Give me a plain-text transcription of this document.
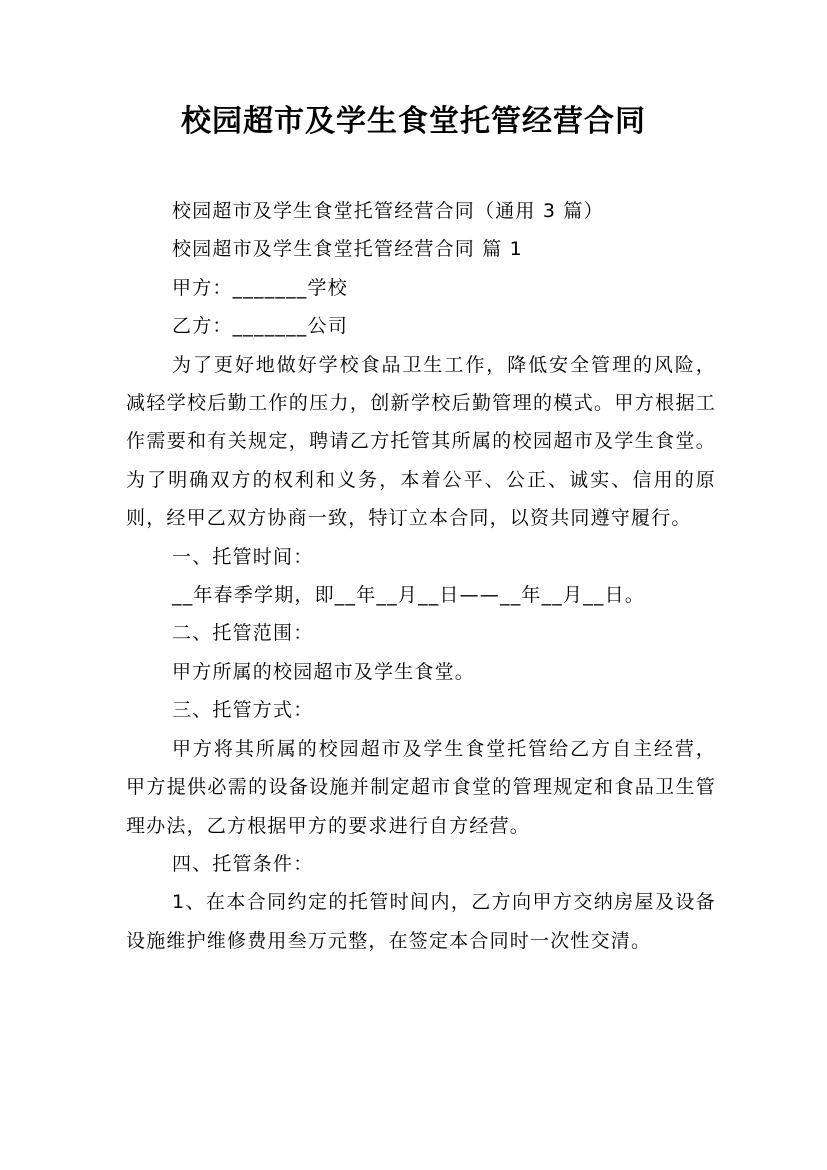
校园超市及学生食堂托管经营合同

校园超市及学生食堂托管经营合同（通用 3 篇）

校园超市及学生食堂托管经营合同 篇 1

甲方：_______学校

乙方：_______公司

为了更好地做好学校食品卫生工作，降低安全管理的风险，减轻学校后勤工作的压力，创新学校后勤管理的模式。甲方根据工作需要和有关规定，聘请乙方托管其所属的校园超市及学生食堂。为了明确双方的权利和义务，本着公平、公正、诚实、信用的原则，经甲乙双方协商一致，特订立本合同，以资共同遵守履行。

一、托管时间：

__年春季学期，即__年__月__日——__年__月__日。

二、托管范围：

甲方所属的校园超市及学生食堂。

三、托管方式：

甲方将其所属的校园超市及学生食堂托管给乙方自主经营，甲方提供必需的设备设施并制定超市食堂的管理规定和食品卫生管理办法，乙方根据甲方的要求进行自方经营。

四、托管条件：

1、在本合同约定的托管时间内，乙方向甲方交纳房屋及设备设施维护维修费用叁万元整，在签定本合同时一次性交清。
